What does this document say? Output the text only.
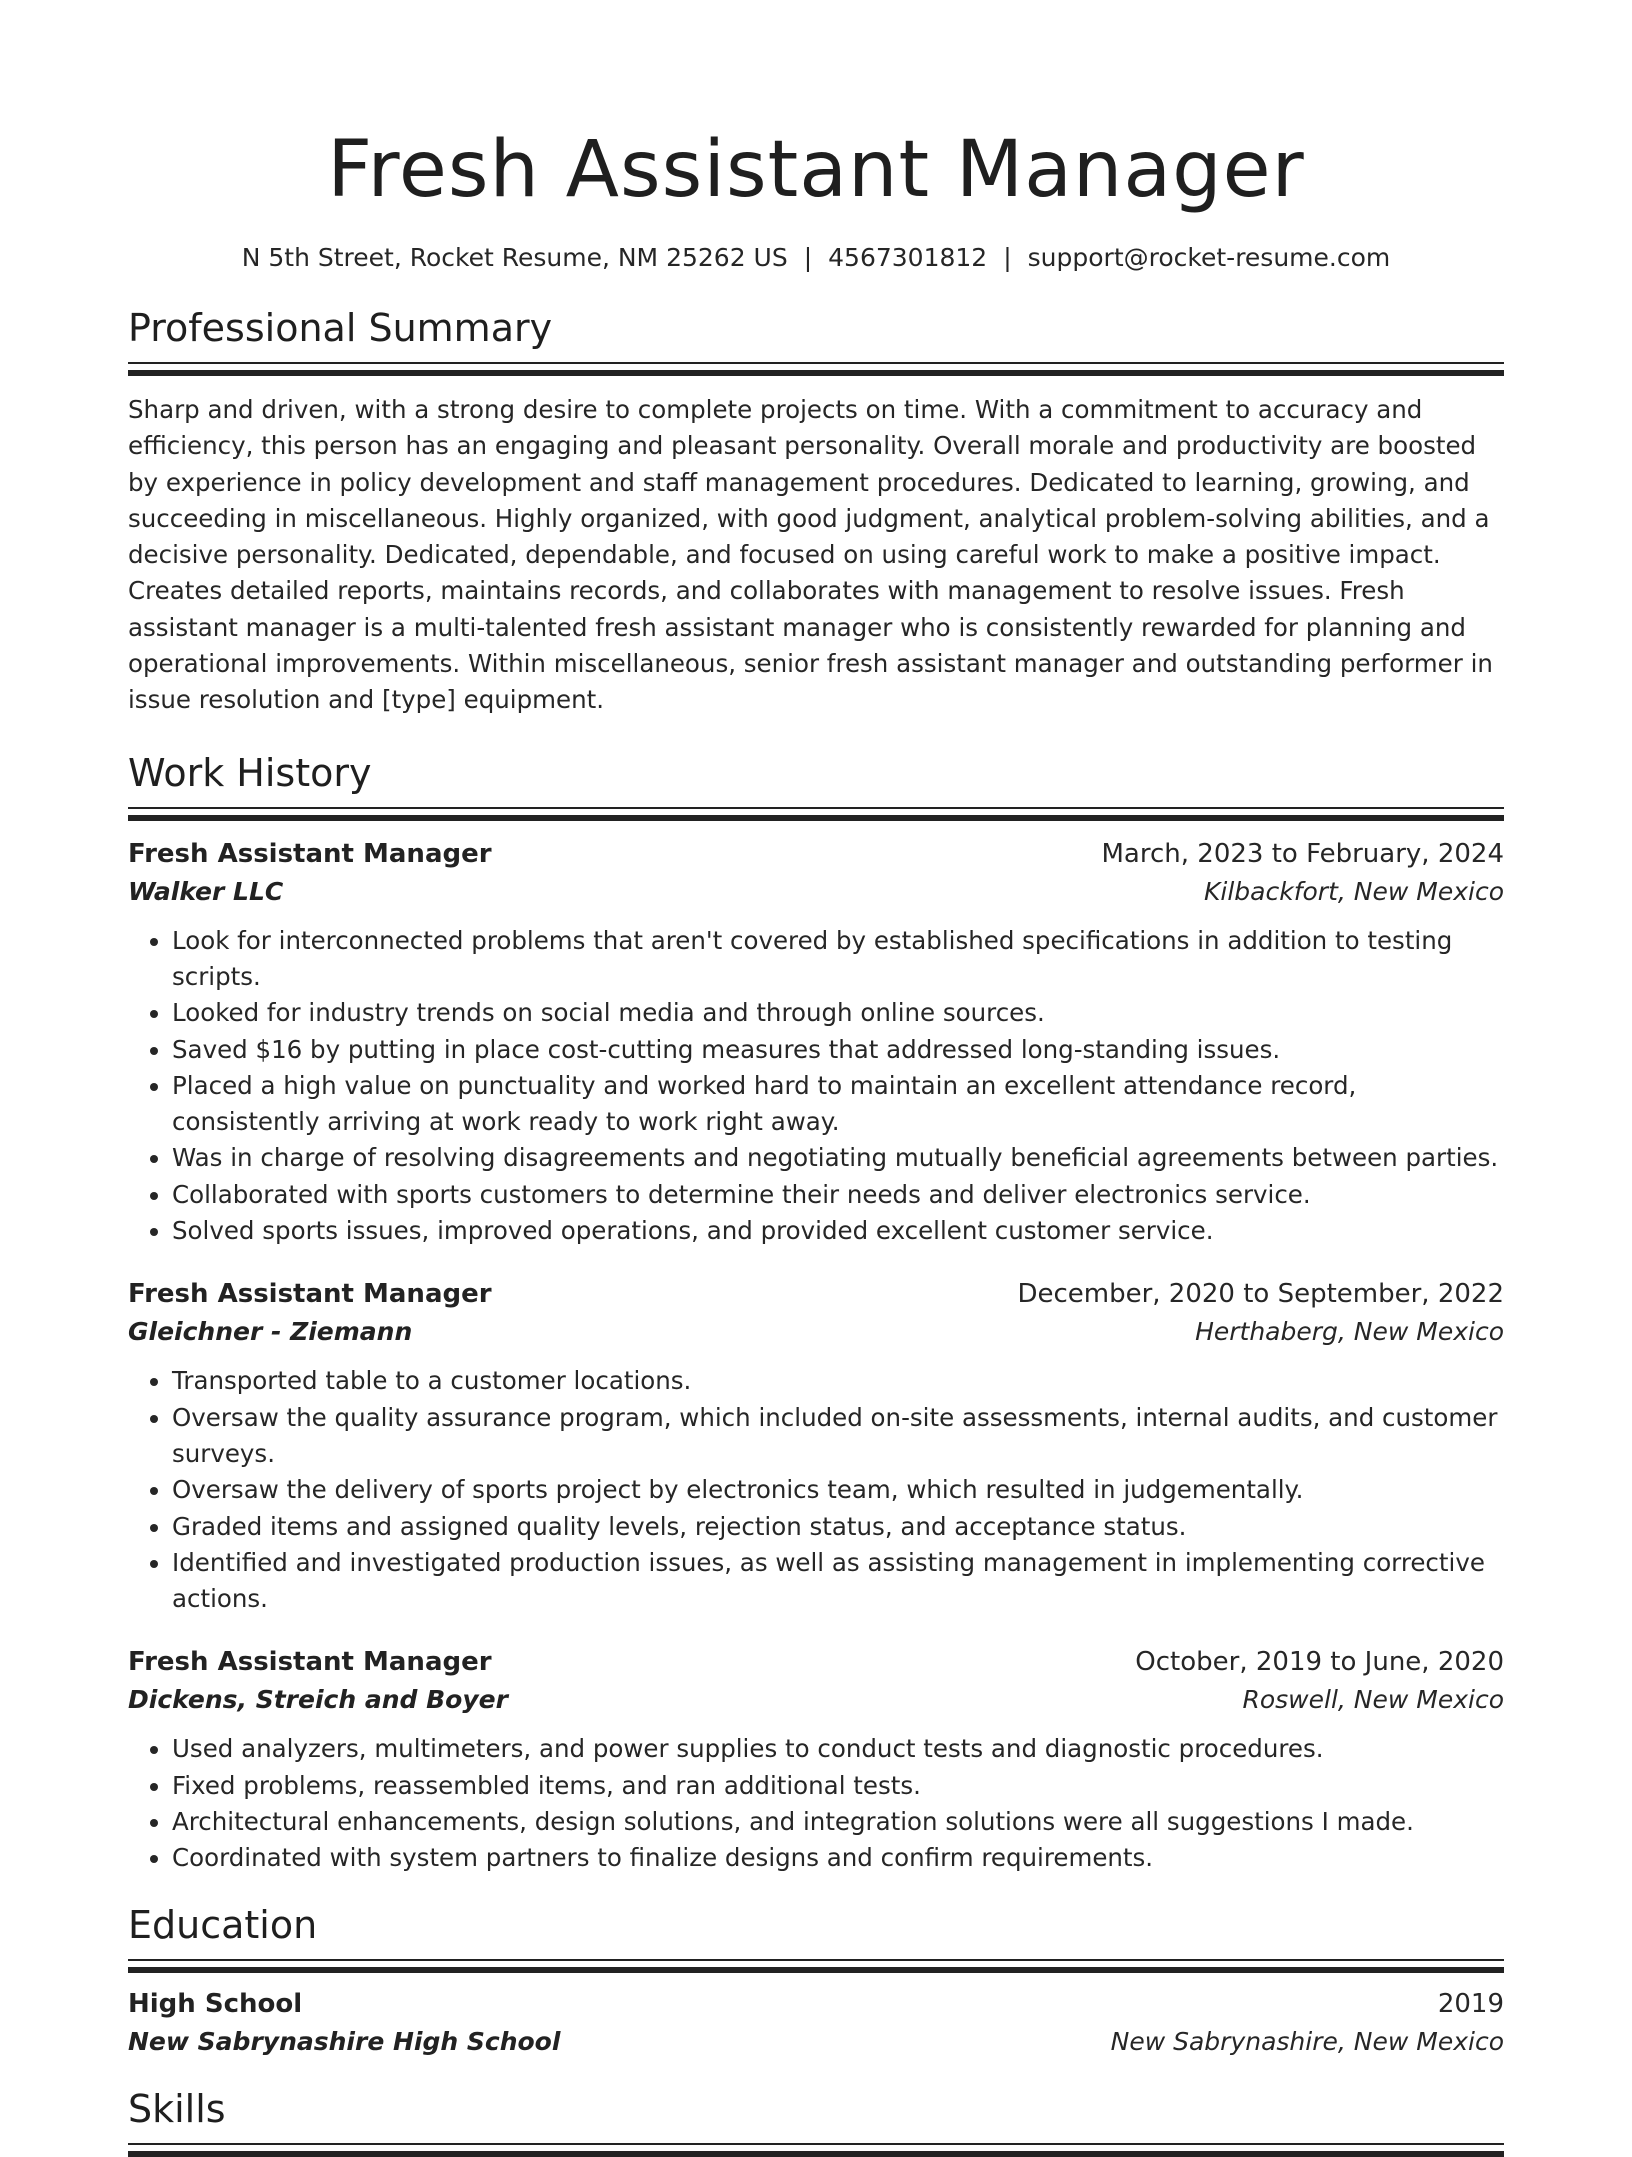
Fresh Assistant Manager
N 5th Street, Rocket Resume, NM 25262 US | 4567301812 | support@rocket-resume.com
Professional Summary

Sharp and driven, with a strong desire to complete projects on time. With a commitment to accuracy and efficiency, this person has an engaging and pleasant personality. Overall morale and productivity are boosted by experience in policy development and staff management procedures. Dedicated to learning, growing, and succeeding in miscellaneous. Highly organized, with good judgment, analytical problem-solving abilities, and a decisive personality. Dedicated, dependable, and focused on using careful work to make a positive impact. Creates detailed reports, maintains records, and collaborates with management to resolve issues. Fresh assistant manager is a multi-talented fresh assistant manager who is consistently rewarded for planning and operational improvements. Within miscellaneous, senior fresh assistant manager and outstanding performer in issue resolution and [type] equipment.

Work History
Fresh Assistant Manager	March, 2023 to February, 2024
Walker LLC	Kilbackfort, New Mexico
• Look for interconnected problems that aren't covered by established specifications in addition to testing scripts.
• Looked for industry trends on social media and through online sources.
• Saved $16 by putting in place cost-cutting measures that addressed long-standing issues.
• Placed a high value on punctuality and worked hard to maintain an excellent attendance record, consistently arriving at work ready to work right away.
• Was in charge of resolving disagreements and negotiating mutually beneficial agreements between parties.
• Collaborated with sports customers to determine their needs and deliver electronics service.
• Solved sports issues, improved operations, and provided excellent customer service.
Fresh Assistant Manager	December, 2020 to September, 2022
Gleichner - Ziemann	Herthaberg, New Mexico
• Transported table to a customer locations.
• Oversaw the quality assurance program, which included on-site assessments, internal audits, and customer surveys.
• Oversaw the delivery of sports project by electronics team, which resulted in judgementally.
• Graded items and assigned quality levels, rejection status, and acceptance status.
• Identified and investigated production issues, as well as assisting management in implementing corrective actions.
Fresh Assistant Manager	October, 2019 to June, 2020
Dickens, Streich and Boyer	Roswell, New Mexico
• Used analyzers, multimeters, and power supplies to conduct tests and diagnostic procedures.
• Fixed problems, reassembled items, and ran additional tests.
• Architectural enhancements, design solutions, and integration solutions were all suggestions I made.
• Coordinated with system partners to finalize designs and confirm requirements.
Education
High School	2019
New Sabrynashire High School	New Sabrynashire, New Mexico
Skills
